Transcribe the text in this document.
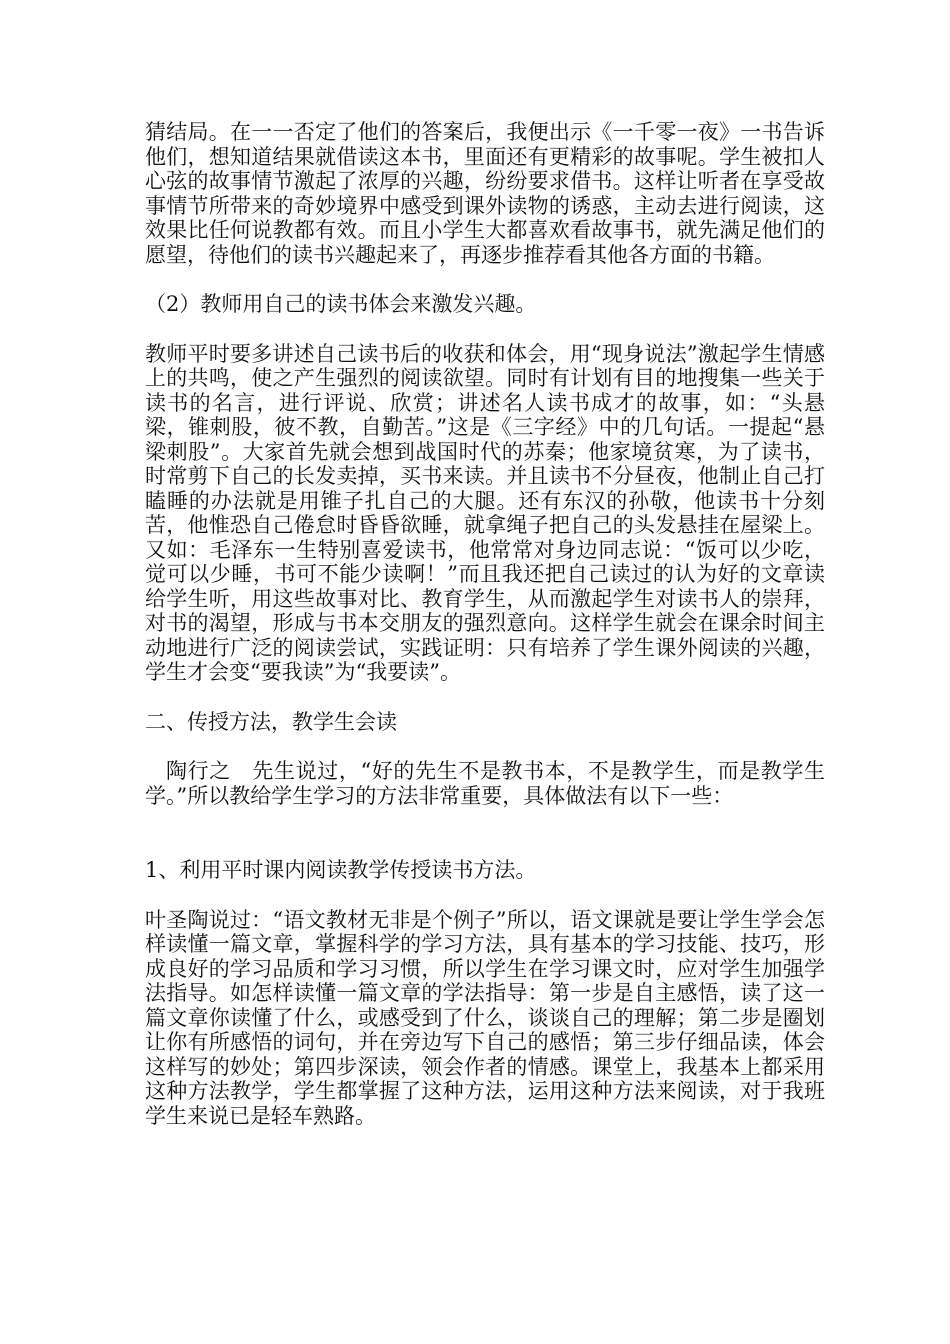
猜结局。在一一否定了他们的答案后，我便出示《一千零一夜》一书告诉他们，想知道结果就借读这本书，里面还有更精彩的故事呢。学生被扣人心弦的故事情节激起了浓厚的兴趣，纷纷要求借书。这样让听者在享受故事情节所带来的奇妙境界中感受到课外读物的诱惑，主动去进行阅读，这效果比任何说教都有效。而且小学生大都喜欢看故事书，就先满足他们的愿望，待他们的读书兴趣起来了，再逐步推荐看其他各方面的书籍。

（2）教师用自己的读书体会来激发兴趣。

教师平时要多讲述自己读书后的收获和体会，用“现身说法”激起学生情感上的共鸣，使之产生强烈的阅读欲望。同时有计划有目的地搜集一些关于读书的名言，进行评说、欣赏；讲述名人读书成才的故事，如：“头悬梁，锥刺股，彼不教，自勤苦。”这是《三字经》中的几句话。一提起“悬梁刺股”。大家首先就会想到战国时代的苏秦；他家境贫寒，为了读书，时常剪下自己的长发卖掉，买书来读。并且读书不分昼夜，他制止自己打瞌睡的办法就是用锥子扎自己的大腿。还有东汉的孙敬，他读书十分刻苦，他惟恐自己倦怠时昏昏欲睡，就拿绳子把自己的头发悬挂在屋梁上。又如：毛泽东一生特别喜爱读书，他常常对身边同志说：“饭可以少吃，觉可以少睡，书可不能少读啊！”而且我还把自己读过的认为好的文章读给学生听，用这些故事对比、教育学生，从而激起学生对读书人的崇拜，对书的渴望，形成与书本交朋友的强烈意向。这样学生就会在课余时间主动地进行广泛的阅读尝试，实践证明：只有培养了学生课外阅读的兴趣，学生才会变“要我读”为“我要读”。

二、传授方法，教学生会读

陶行之　先生说过，“好的先生不是教书本，不是教学生，而是教学生学。”所以教给学生学习的方法非常重要，具体做法有以下一些：

1、利用平时课内阅读教学传授读书方法。

叶圣陶说过：“语文教材无非是个例子”所以，语文课就是要让学生学会怎样读懂一篇文章，掌握科学的学习方法，具有基本的学习技能、技巧，形成良好的学习品质和学习习惯，所以学生在学习课文时，应对学生加强学法指导。如怎样读懂一篇文章的学法指导：第一步是自主感悟，读了这一篇文章你读懂了什么，或感受到了什么，谈谈自己的理解；第二步是圈划让你有所感悟的词句，并在旁边写下自己的感悟；第三步仔细品读，体会这样写的妙处；第四步深读，领会作者的情感。课堂上，我基本上都采用这种方法教学，学生都掌握了这种方法，运用这种方法来阅读，对于我班学生来说已是轻车熟路。
